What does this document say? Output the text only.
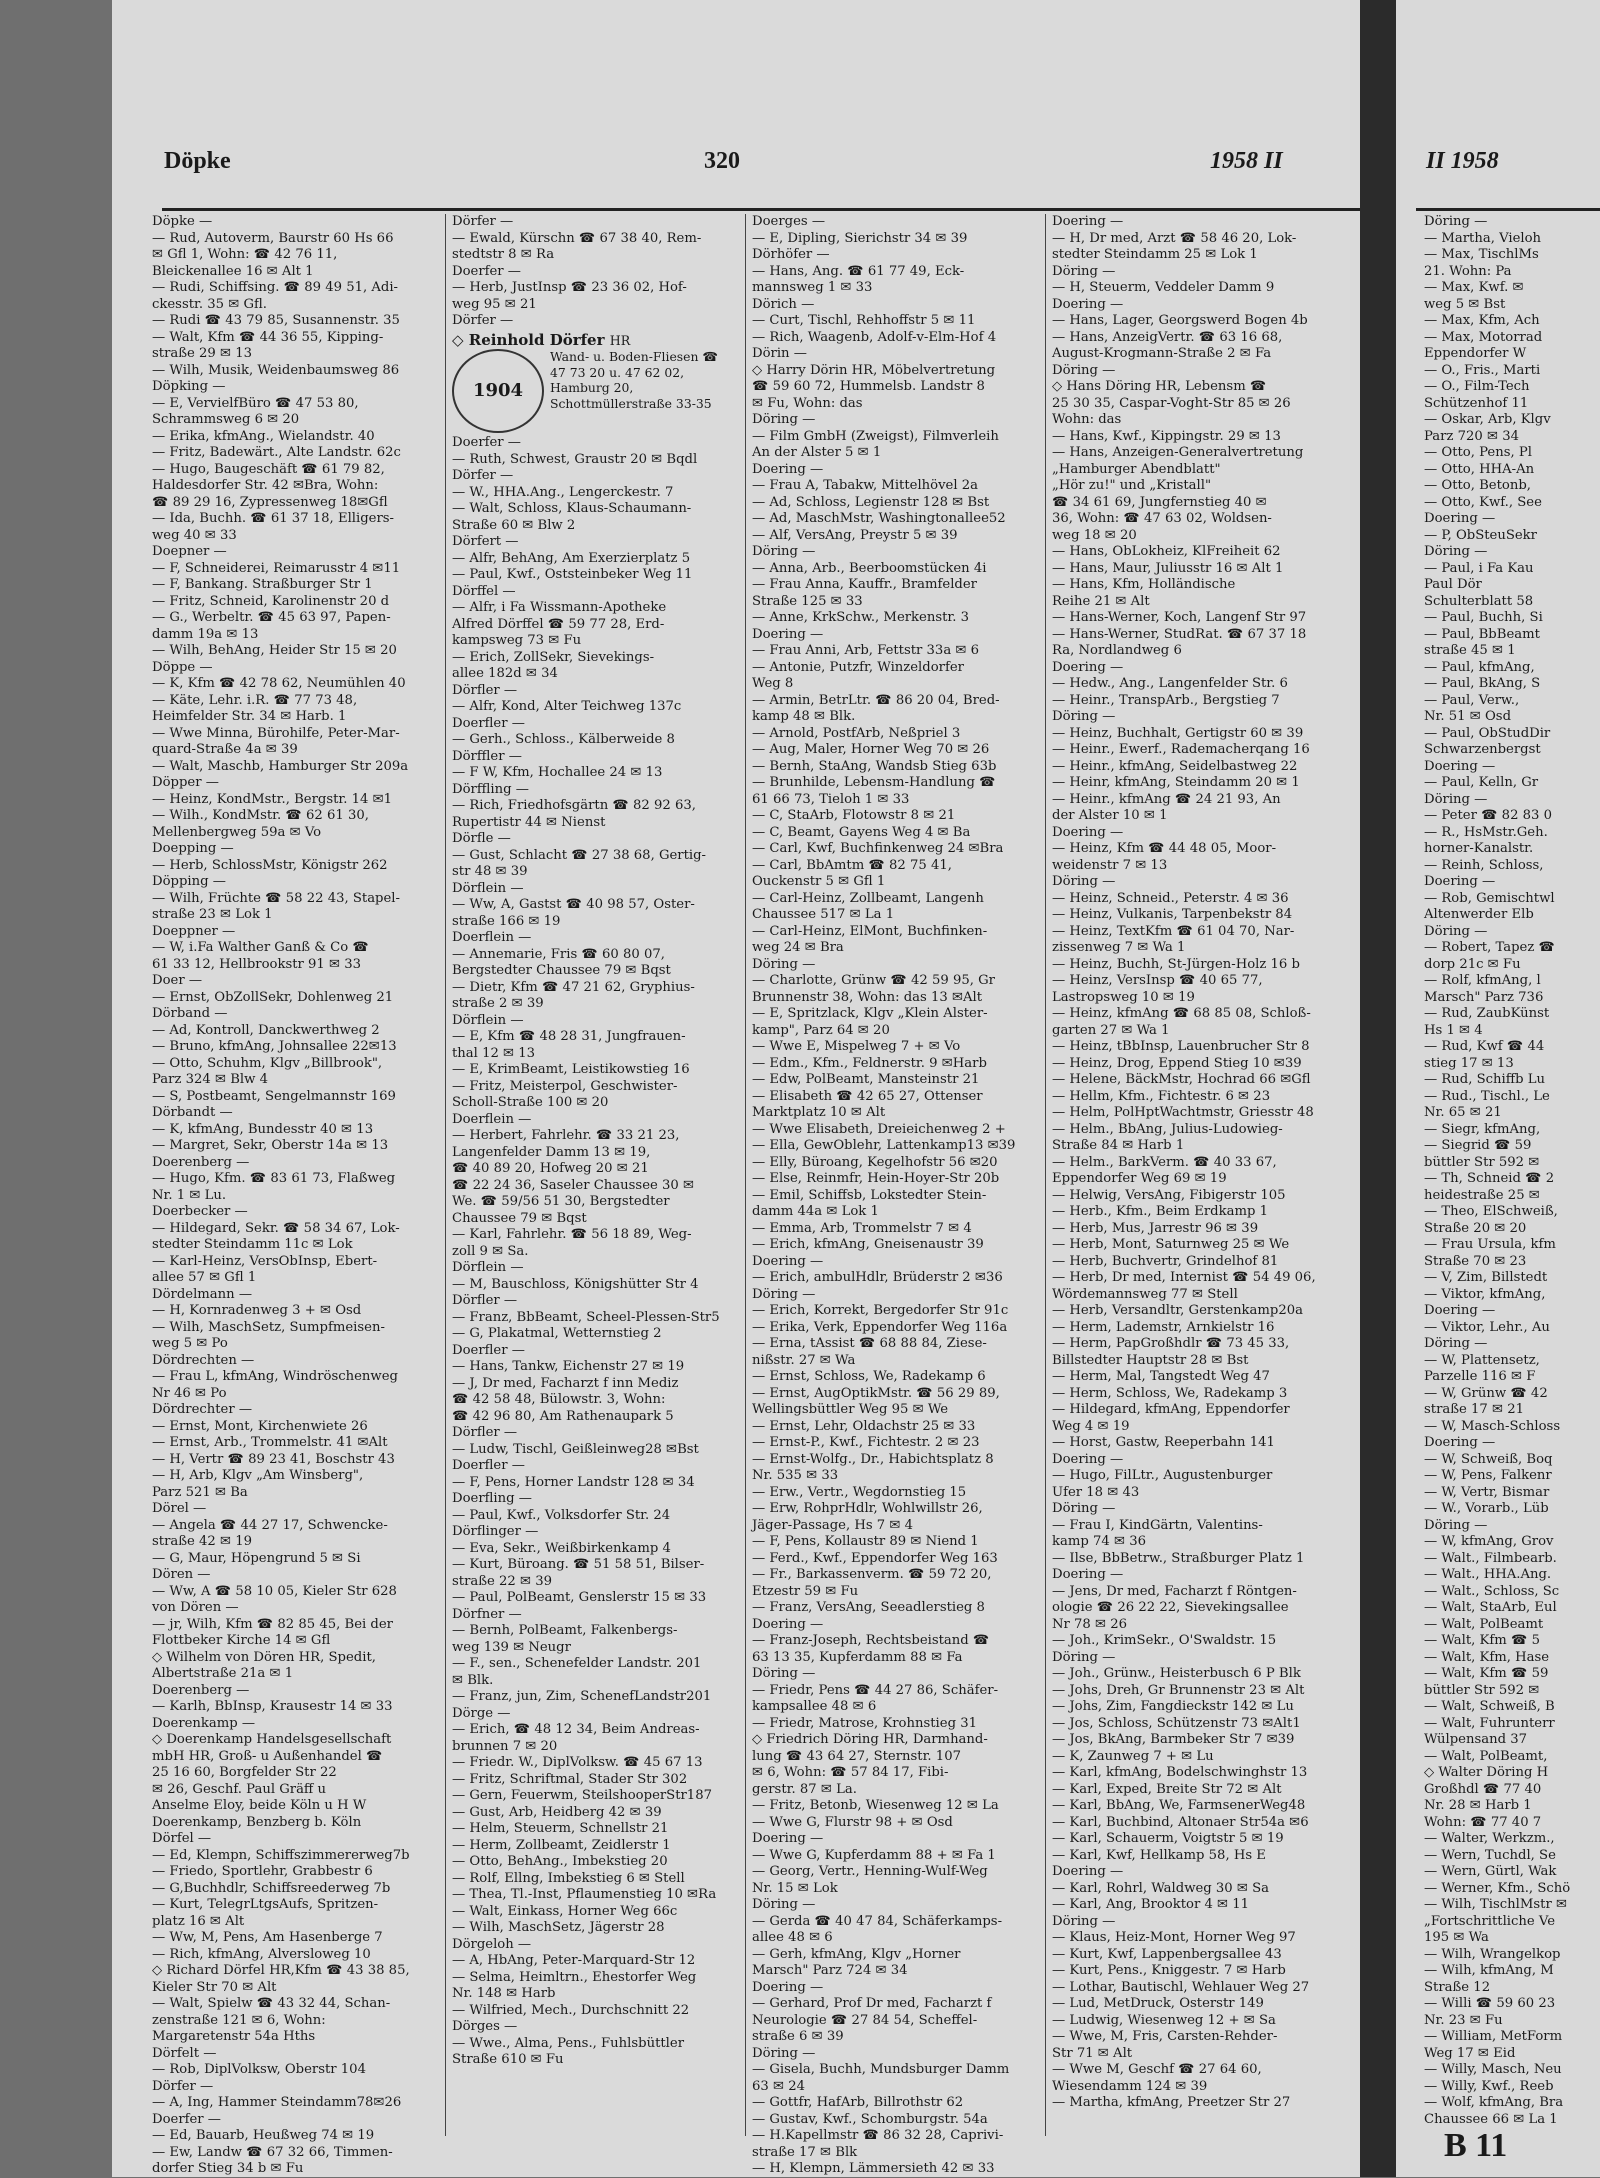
Döpke	320	1958 II
Döpke —
— Rud, Autoverm, Baurstr 60 Hs 66
✉ Gfl 1, Wohn: ☎ 42 76 11,
Bleickenallee 16 ✉ Alt 1
— Rudi, Schiffsing. ☎ 89 49 51, Adi-
ckesstr. 35 ✉ Gfl.
— Rudi ☎ 43 79 85, Susannenstr. 35
— Walt, Kfm ☎ 44 36 55, Kipping-
straße 29 ✉ 13
— Wilh, Musik, Weidenbaumsweg 86
Döpking —
— E, VervielfBüro ☎ 47 53 80,
Schrammsweg 6 ✉ 20
— Erika, kfmAng., Wielandstr. 40
— Fritz, Badewärt., Alte Landstr. 62c
— Hugo, Baugeschäft ☎ 61 79 82,
Haldesdorfer Str. 42 ✉Bra, Wohn:
☎ 89 29 16, Zypressenweg 18✉Gfl
— Ida, Buchh. ☎ 61 37 18, Elligers-
weg 40 ✉ 33
Doepner —
— F, Schneiderei, Reimarusstr 4 ✉11
— F, Bankang. Straßburger Str 1
— Fritz, Schneid, Karolinenstr 20 d
— G., Werbeltr. ☎ 45 63 97, Papen-
damm 19a ✉ 13
— Wilh, BehAng, Heider Str 15 ✉ 20
Döppe —
— K, Kfm ☎ 42 78 62, Neumühlen 40
— Käte, Lehr. i.R. ☎ 77 73 48,
Heimfelder Str. 34 ✉ Harb. 1
— Wwe Minna, Bürohilfe, Peter-Mar-
quard-Straße 4a ✉ 39
— Walt, Maschb, Hamburger Str 209a
Döpper —
— Heinz, KondMstr., Bergstr. 14 ✉1
— Wilh., KondMstr. ☎ 62 61 30,
Mellenbergweg 59a ✉ Vo
Doepping —
— Herb, SchlossMstr, Königstr 262
Döpping —
— Wilh, Früchte ☎ 58 22 43, Stapel-
straße 23 ✉ Lok 1
Doeppner —
— W, i.Fa Walther Ganß & Co ☎
61 33 12, Hellbrookstr 91 ✉ 33
Doer —
— Ernst, ObZollSekr, Dohlenweg 21
Dörband —
— Ad, Kontroll, Danckwerthweg 2
— Bruno, kfmAng, Johnsallee 22✉13
— Otto, Schuhm, Klgv „Billbrook",
Parz 324 ✉ Blw 4
— S, Postbeamt, Sengelmannstr 169
Dörbandt —
— K, kfmAng, Bundesstr 40 ✉ 13
— Margret, Sekr, Oberstr 14a ✉ 13
Doerenberg —
— Hugo, Kfm. ☎ 83 61 73, Flaßweg
Nr. 1 ✉ Lu.
Doerbecker —
— Hildegard, Sekr. ☎ 58 34 67, Lok-
stedter Steindamm 11c ✉ Lok
— Karl-Heinz, VersObInsp, Ebert-
allee 57 ✉ Gfl 1
Dördelmann —
— H, Kornradenweg 3 + ✉ Osd
— Wilh, MaschSetz, Sumpfmeisen-
weg 5 ✉ Po
Dördrechten —
— Frau L, kfmAng, Windröschenweg
Nr 46 ✉ Po
Dördrechter —
— Ernst, Mont, Kirchenwiete 26
— Ernst, Arb., Trommelstr. 41 ✉Alt
— H, Vertr ☎ 89 23 41, Boschstr 43
— H, Arb, Klgv „Am Winsberg",
Parz 521 ✉ Ba
Dörel —
— Angela ☎ 44 27 17, Schwencke-
straße 42 ✉ 19
— G, Maur, Höpengrund 5 ✉ Si
Dören —
— Ww, A ☎ 58 10 05, Kieler Str 628
von Dören —
— jr, Wilh, Kfm ☎ 82 85 45, Bei der
Flottbeker Kirche 14 ✉ Gfl
◇ Wilhelm von Dören HR, Spedit,
Albertstraße 21a ✉ 1
Doerenberg —
— Karlh, BbInsp, Krausestr 14 ✉ 33
Doerenkamp —
◇ Doerenkamp Handelsgesellschaft
mbH HR, Groß- u Außenhandel ☎
25 16 60, Borgfelder Str 22
✉ 26, Geschf. Paul Gräff u
Anselme Eloy, beide Köln u H W
Doerenkamp, Benzberg b. Köln
Dörfel —
— Ed, Klempn, Schiffszimmererweg7b
— Friedo, Sportlehr, Grabbestr 6
— G,Buchhdlr, Schiffsreederweg 7b
— Kurt, TelegrLtgsAufs, Spritzen-
platz 16 ✉ Alt
— Ww, M, Pens, Am Hasenberge 7
— Rich, kfmAng, Alversloweg 10
◇ Richard Dörfel HR,Kfm ☎ 43 38 85,
Kieler Str 70 ✉ Alt
— Walt, Spielw ☎ 43 32 44, Schan-
zenstraße 121 ✉ 6, Wohn:
Margaretenstr 54a Hths
Dörfelt —
— Rob, DiplVolksw, Oberstr 104
Dörfer —
— A, Ing, Hammer Steindamm78✉26
Doerfer —
— Ed, Bauarb, Heußweg 74 ✉ 19
— Ew, Landw ☎ 67 32 66, Timmen-
dorfer Stieg 34 b ✉ Fu
Dörfer —
— Ewald, Kürschn ☎ 67 38 40, Rem-
stedtstr 8 ✉ Ra
Doerfer —
— Herb, JustInsp ☎ 23 36 02, Hof-
weg 95 ✉ 21
Dörfer —
◇ Reinhold Dörfer HR
1904
Wand- u. Boden-Fliesen ☎ 47 73 20 u. 47 62 02, Hamburg 20, Schottmüllerstraße 33-35
Doerfer —
— Ruth, Schwest, Graustr 20 ✉ Bqdl
Dörfer —
— W., HHA.Ang., Lengerckestr. 7
— Walt, Schloss, Klaus-Schaumann-
Straße 60 ✉ Blw 2
Dörfert —
— Alfr, BehAng, Am Exerzierplatz 5
— Paul, Kwf., Oststeinbeker Weg 11
Dörffel —
— Alfr, i Fa Wissmann-Apotheke
Alfred Dörffel ☎ 59 77 28, Erd-
kampsweg 73 ✉ Fu
— Erich, ZollSekr, Sievekings-
allee 182d ✉ 34
Dörfler —
— Alfr, Kond, Alter Teichweg 137c
Doerfler —
— Gerh., Schloss., Kälberweide 8
Dörffler —
— F W, Kfm, Hochallee 24 ✉ 13
Dörffling —
— Rich, Friedhofsgärtn ☎ 82 92 63,
Rupertistr 44 ✉ Nienst
Dörfle —
— Gust, Schlacht ☎ 27 38 68, Gertig-
str 48 ✉ 39
Dörflein —
— Ww, A, Gastst ☎ 40 98 57, Oster-
straße 166 ✉ 19
Doerflein —
— Annemarie, Fris ☎ 60 80 07,
Bergstedter Chaussee 79 ✉ Bqst
— Dietr, Kfm ☎ 47 21 62, Gryphius-
straße 2 ✉ 39
Dörflein —
— E, Kfm ☎ 48 28 31, Jungfrauen-
thal 12 ✉ 13
— E, KrimBeamt, Leistikowstieg 16
— Fritz, Meisterpol, Geschwister-
Scholl-Straße 100 ✉ 20
Doerflein —
— Herbert, Fahrlehr. ☎ 33 21 23,
Langenfelder Damm 13 ✉ 19,
☎ 40 89 20, Hofweg 20 ✉ 21
☎ 22 24 36, Saseler Chaussee 30 ✉
We. ☎ 59/56 51 30, Bergstedter
Chaussee 79 ✉ Bqst
— Karl, Fahrlehr. ☎ 56 18 89, Weg-
zoll 9 ✉ Sa.
Dörflein —
— M, Bauschloss, Königshütter Str 4
Dörfler —
— Franz, BbBeamt, Scheel-Plessen-Str5
— G, Plakatmal, Wetternstieg 2
Doerfler —
— Hans, Tankw, Eichenstr 27 ✉ 19
— J, Dr med, Facharzt f inn Mediz
☎ 42 58 48, Bülowstr. 3, Wohn:
☎ 42 96 80, Am Rathenaupark 5
Dörfler —
— Ludw, Tischl, Geißleinweg28 ✉Bst
Doerfler —
— F, Pens, Horner Landstr 128 ✉ 34
Doerfling —
— Paul, Kwf., Volksdorfer Str. 24
Dörflinger —
— Eva, Sekr., Weißbirkenkamp 4
— Kurt, Büroang. ☎ 51 58 51, Bilser-
straße 22 ✉ 39
— Paul, PolBeamt, Genslerstr 15 ✉ 33
Dörfner —
— Bernh, PolBeamt, Falkenbergs-
weg 139 ✉ Neugr
— F., sen., Schenefelder Landstr. 201
✉ Blk.
— Franz, jun, Zim, SchenefLandstr201
Dörge —
— Erich, ☎ 48 12 34, Beim Andreas-
brunnen 7 ✉ 20
— Friedr. W., DiplVolksw. ☎ 45 67 13
— Fritz, Schriftmal, Stader Str 302
— Gern, Feuerwm, SteilshooperStr187
— Gust, Arb, Heidberg 42 ✉ 39
— Helm, Steuerm, Schnellstr 21
— Herm, Zollbeamt, Zeidlerstr 1
— Otto, BehAng., Imbekstieg 20
— Rolf, Ellng, Imbekstieg 6 ✉ Stell
— Thea, Tl.-Inst, Pflaumenstieg 10 ✉Ra
— Walt, Einkass, Horner Weg 66c
— Wilh, MaschSetz, Jägerstr 28
Dörgeloh —
— A, HbAng, Peter-Marquard-Str 12
— Selma, Heimltrn., Ehestorfer Weg
Nr. 148 ✉ Harb
— Wilfried, Mech., Durchschnitt 22
Dörges —
— Wwe., Alma, Pens., Fuhlsbüttler
Straße 610 ✉ Fu
Doerges —
— E, Dipling, Sierichstr 34 ✉ 39
Dörhöfer —
— Hans, Ang. ☎ 61 77 49, Eck-
mannsweg 1 ✉ 33
Dörich —
— Curt, Tischl, Rehhoffstr 5 ✉ 11
— Rich, Waagenb, Adolf-v-Elm-Hof 4
Dörin —
◇ Harry Dörin HR, Möbelvertretung
☎ 59 60 72, Hummelsb. Landstr 8
✉ Fu, Wohn: das
Döring —
— Film GmbH (Zweigst), Filmverleih
An der Alster 5 ✉ 1
Doering —
— Frau A, Tabakw, Mittelhövel 2a
— Ad, Schloss, Legienstr 128 ✉ Bst
— Ad, MaschMstr, Washingtonallee52
— Alf, VersAng, Preystr 5 ✉ 39
Döring —
— Anna, Arb., Beerboomstücken 4i
— Frau Anna, Kauffr., Bramfelder
Straße 125 ✉ 33
— Anne, KrkSchw., Merkenstr. 3
Doering —
— Frau Anni, Arb, Fettstr 33a ✉ 6
— Antonie, Putzfr, Winzeldorfer
Weg 8
— Armin, BetrLtr. ☎ 86 20 04, Bred-
kamp 48 ✉ Blk.
— Arnold, PostfArb, Neßpriel 3
— Aug, Maler, Horner Weg 70 ✉ 26
— Bernh, StaAng, Wandsb Stieg 63b
— Brunhilde, Lebensm-Handlung ☎
61 66 73, Tieloh 1 ✉ 33
— C, StaArb, Flotowstr 8 ✉ 21
— C, Beamt, Gayens Weg 4 ✉ Ba
— Carl, Kwf, Buchfinkenweg 24 ✉Bra
— Carl, BbAmtm ☎ 82 75 41,
Ouckenstr 5 ✉ Gfl 1
— Carl-Heinz, Zollbeamt, Langenh
Chaussee 517 ✉ La 1
— Carl-Heinz, ElMont, Buchfinken-
weg 24 ✉ Bra
Döring —
— Charlotte, Grünw ☎ 42 59 95, Gr
Brunnenstr 38, Wohn: das 13 ✉Alt
— E, Spritzlack, Klgv „Klein Alster-
kamp", Parz 64 ✉ 20
— Wwe E, Mispelweg 7 + ✉ Vo
— Edm., Kfm., Feldnerstr. 9 ✉Harb
— Edw, PolBeamt, Mansteinstr 21
— Elisabeth ☎ 42 65 27, Ottenser
Marktplatz 10 ✉ Alt
— Wwe Elisabeth, Dreieichenweg 2 +
— Ella, GewOblehr, Lattenkamp13 ✉39
— Elly, Büroang, Kegelhofstr 56 ✉20
— Else, Reinmfr, Hein-Hoyer-Str 20b
— Emil, Schiffsb, Lokstedter Stein-
damm 44a ✉ Lok 1
— Emma, Arb, Trommelstr 7 ✉ 4
— Erich, kfmAng, Gneisenaustr 39
Doering —
— Erich, ambulHdlr, Brüderstr 2 ✉36
Döring —
— Erich, Korrekt, Bergedorfer Str 91c
— Erika, Verk, Eppendorfer Weg 116a
— Erna, tAssist ☎ 68 88 84, Ziese-
nißstr. 27 ✉ Wa
— Ernst, Schloss, We, Radekamp 6
— Ernst, AugOptikMstr. ☎ 56 29 89,
Wellingsbüttler Weg 95 ✉ We
— Ernst, Lehr, Oldachstr 25 ✉ 33
— Ernst-P., Kwf., Fichtestr. 2 ✉ 23
— Ernst-Wolfg., Dr., Habichtsplatz 8
Nr. 535 ✉ 33
— Erw., Vertr., Wegdornstieg 15
— Erw, RohprHdlr, Wohlwillstr 26,
Jäger-Passage, Hs 7 ✉ 4
— F, Pens, Kollaustr 89 ✉ Niend 1
— Ferd., Kwf., Eppendorfer Weg 163
— Fr., Barkassenverm. ☎ 59 72 20,
Etzestr 59 ✉ Fu
— Franz, VersAng, Seeadlerstieg 8
Doering —
— Franz-Joseph, Rechtsbeistand ☎
63 13 35, Kupferdamm 88 ✉ Fa
Döring —
— Friedr, Pens ☎ 44 27 86, Schäfer-
kampsallee 48 ✉ 6
— Friedr, Matrose, Krohnstieg 31
◇ Friedrich Döring HR, Darmhand-
lung ☎ 43 64 27, Sternstr. 107
✉ 6, Wohn: ☎ 57 84 17, Fibi-
gerstr. 87 ✉ La.
— Fritz, Betonb, Wiesenweg 12 ✉ La
— Wwe G, Flurstr 98 + ✉ Osd
Doering —
— Wwe G, Kupferdamm 88 + ✉ Fa 1
— Georg, Vertr., Henning-Wulf-Weg
Nr. 15 ✉ Lok
Döring —
— Gerda ☎ 40 47 84, Schäferkamps-
allee 48 ✉ 6
— Gerh, kfmAng, Klgv „Horner
Marsch" Parz 724 ✉ 34
Doering —
— Gerhard, Prof Dr med, Facharzt f
Neurologie ☎ 27 84 54, Scheffel-
straße 6 ✉ 39
Döring —
— Gisela, Buchh, Mundsburger Damm
63 ✉ 24
— Gottfr, HafArb, Billrothstr 62
— Gustav, Kwf., Schomburgstr. 54a
— H.Kapellmstr ☎ 86 32 28, Caprivi-
straße 17 ✉ Blk
— H, Klempn, Lämmersieth 42 ✉ 33
Doering —
— H, Dr med, Arzt ☎ 58 46 20, Lok-
stedter Steindamm 25 ✉ Lok 1
Döring —
— H, Steuerm, Veddeler Damm 9
Doering —
— Hans, Lager, Georgswerd Bogen 4b
— Hans, AnzeigVertr. ☎ 63 16 68,
August-Krogmann-Straße 2 ✉ Fa
Döring —
◇ Hans Döring HR, Lebensm ☎
25 30 35, Caspar-Voght-Str 85 ✉ 26
Wohn: das
— Hans, Kwf., Kippingstr. 29 ✉ 13
— Hans, Anzeigen-Generalvertretung
„Hamburger Abendblatt"
„Hör zu!" und „Kristall"
☎ 34 61 69, Jungfernstieg 40 ✉
36, Wohn: ☎ 47 63 02, Woldsen-
weg 18 ✉ 20
— Hans, ObLokheiz, KlFreiheit 62
— Hans, Maur, Juliusstr 16 ✉ Alt 1
— Hans, Kfm, Holländische
Reihe 21 ✉ Alt
— Hans-Werner, Koch, Langenf Str 97
— Hans-Werner, StudRat. ☎ 67 37 18
Ra, Nordlandweg 6
Doering —
— Hedw., Ang., Langenfelder Str. 6
— Heinr., TranspArb., Bergstieg 7
Döring —
— Heinz, Buchhalt, Gertigstr 60 ✉ 39
— Heinr., Ewerf., Rademacherqang 16
— Heinr., kfmAng, Seidelbastweg 22
— Heinr, kfmAng, Steindamm 20 ✉ 1
— Heinr., kfmAng ☎ 24 21 93, An
der Alster 10 ✉ 1
Doering —
— Heinz, Kfm ☎ 44 48 05, Moor-
weidenstr 7 ✉ 13
Döring —
— Heinz, Schneid., Peterstr. 4 ✉ 36
— Heinz, Vulkanis, Tarpenbekstr 84
— Heinz, TextKfm ☎ 61 04 70, Nar-
zissenweg 7 ✉ Wa 1
— Heinz, Buchh, St-Jürgen-Holz 16 b
— Heinz, VersInsp ☎ 40 65 77,
Lastropsweg 10 ✉ 19
— Heinz, kfmAng ☎ 68 85 08, Schloß-
garten 27 ✉ Wa 1
— Heinz, tBbInsp, Lauenbrucher Str 8
— Heinz, Drog, Eppend Stieg 10 ✉39
— Helene, BäckMstr, Hochrad 66 ✉Gfl
— Hellm, Kfm., Fichtestr. 6 ✉ 23
— Helm, PolHptWachtmstr, Griesstr 48
— Helm., BbAng, Julius-Ludowieg-
Straße 84 ✉ Harb 1
— Helm., BarkVerm. ☎ 40 33 67,
Eppendorfer Weg 69 ✉ 19
— Helwig, VersAng, Fibigerstr 105
— Herb., Kfm., Beim Erdkamp 1
— Herb, Mus, Jarrestr 96 ✉ 39
— Herb, Mont, Saturnweg 25 ✉ We
— Herb, Buchvertr, Grindelhof 81
— Herb, Dr med, Internist ☎ 54 49 06,
Wördemannsweg 77 ✉ Stell
— Herb, Versandltr, Gerstenkamp20a
— Herm, Lademstr, Arnkielstr 16
— Herm, PapGroßhdlr ☎ 73 45 33,
Billstedter Hauptstr 28 ✉ Bst
— Herm, Mal, Tangstedt Weg 47
— Herm, Schloss, We, Radekamp 3
— Hildegard, kfmAng, Eppendorfer
Weg 4 ✉ 19
— Horst, Gastw, Reeperbahn 141
Doering —
— Hugo, FilLtr., Augustenburger
Ufer 18 ✉ 43
Döring —
— Frau I, KindGärtn, Valentins-
kamp 74 ✉ 36
— Ilse, BbBetrw., Straßburger Platz 1
Doering —
— Jens, Dr med, Facharzt f Röntgen-
ologie ☎ 26 22 22, Sievekingsallee
Nr 78 ✉ 26
— Joh., KrimSekr., O'Swaldstr. 15
Döring —
— Joh., Grünw., Heisterbusch 6 P Blk
— Johs, Dreh, Gr Brunnenstr 23 ✉ Alt
— Johs, Zim, Fangdieckstr 142 ✉ Lu
— Jos, Schloss, Schützenstr 73 ✉Alt1
— Jos, BkAng, Barmbeker Str 7 ✉39
— K, Zaunweg 7 + ✉ Lu
— Karl, kfmAng, Bodelschwinghstr 13
— Karl, Exped, Breite Str 72 ✉ Alt
— Karl, BbAng, We, FarmsenerWeg48
— Karl, Buchbind, Altonaer Str54a ✉6
— Karl, Schauerm, Voigtstr 5 ✉ 19
— Karl, Kwf, Hellkamp 58, Hs E
Doering —
— Karl, Rohrl, Waldweg 30 ✉ Sa
— Karl, Ang, Brooktor 4 ✉ 11
Döring —
— Klaus, Heiz-Mont, Horner Weg 97
— Kurt, Kwf, Lappenbergsallee 43
— Kurt, Pens., Kniggestr. 7 ✉ Harb
— Lothar, Bautischl, Wehlauer Weg 27
— Lud, MetDruck, Osterstr 149
— Ludwig, Wiesenweg 12 + ✉ Sa
— Wwe, M, Fris, Carsten-Rehder-
Str 71 ✉ Alt
— Wwe M, Geschf ☎ 27 64 60,
Wiesendamm 124 ✉ 39
— Martha, kfmAng, Preetzer Str 27
II 1958
Döring —
— Martha, Vieloh
— Max, TischlMs
21. Wohn: Pa
— Max, Kwf. ✉
weg 5 ✉ Bst
— Max, Kfm, Ach
— Max, Motorrad
Eppendorfer W
— O., Fris., Marti
— O., Film-Tech
Schützenhof 11
— Oskar, Arb, Klgv
Parz 720 ✉ 34
— Otto, Pens, Pl
— Otto, HHA-An
— Otto, Betonb,
— Otto, Kwf., See
Doering —
— P, ObSteuSekr
Döring —
— Paul, i Fa Kau
Paul Dör
Schulterblatt 58
— Paul, Buchh, Si
— Paul, BbBeamt
straße 45 ✉ 1
— Paul, kfmAng,
— Paul, BkAng, S
— Paul, Verw.,
Nr. 51 ✉ Osd
— Paul, ObStudDir
Schwarzenbergst
Doering —
— Paul, Kelln, Gr
Döring —
— Peter ☎ 82 83 0
— R., HsMstr.Geh.
horner-Kanalstr.
— Reinh, Schloss,
Doering —
— Rob, Gemischtwl
Altenwerder Elb
Döring —
— Robert, Tapez ☎
dorp 21c ✉ Fu
— Rolf, kfmAng, l
Marsch" Parz 736
— Rud, ZaubKünst
Hs 1 ✉ 4
— Rud, Kwf ☎ 44
stieg 17 ✉ 13
— Rud, Schiffb Lu
— Rud., Tischl., Le
Nr. 65 ✉ 21
— Siegr, kfmAng,
— Siegrid ☎ 59
büttler Str 592 ✉
— Th, Schneid ☎ 2
heidestraße 25 ✉
— Theo, ElSchweiß,
Straße 20 ✉ 20
— Frau Ursula, kfm
Straße 70 ✉ 23
— V, Zim, Billstedt
— Viktor, kfmAng,
Doering —
— Viktor, Lehr., Au
Döring —
— W, Plattensetz,
Parzelle 116 ✉ F
— W, Grünw ☎ 42
straße 17 ✉ 21
— W, Masch-Schloss
Doering —
— W, Schweiß, Boq
— W, Pens, Falkenr
— W, Vertr, Bismar
— W., Vorarb., Lüb
Döring —
— W, kfmAng, Grov
— Walt., Filmbearb.
— Walt., HHA.Ang.
— Walt., Schloss, Sc
— Walt, StaArb, Eul
— Walt, PolBeamt
— Walt, Kfm ☎ 5
— Walt, Kfm, Hase
— Walt, Kfm ☎ 59
büttler Str 592 ✉
— Walt, Schweiß, B
— Walt, Fuhrunterr
Wülpensand 37
— Walt, PolBeamt,
◇ Walter Döring H
Großhdl ☎ 77 40
Nr. 28 ✉ Harb 1
Wohn: ☎ 77 40 7
— Walter, Werkzm.,
— Wern, Tuchdl, Se
— Wern, Gürtl, Wak
— Werner, Kfm., Schö
— Wilh, TischlMstr ✉
„Fortschrittliche Ve
195 ✉ Wa
— Wilh, Wrangelkop
— Wilh, kfmAng, M
Straße 12
— Willi ☎ 59 60 23
Nr. 23 ✉ Fu
— William, MetForm
Weg 17 ✉ Eid
— Willy, Masch, Neu
— Willy, Kwf., Reeb
— Wolf, kfmAng, Bra
Chaussee 66 ✉ La 1
B 11
